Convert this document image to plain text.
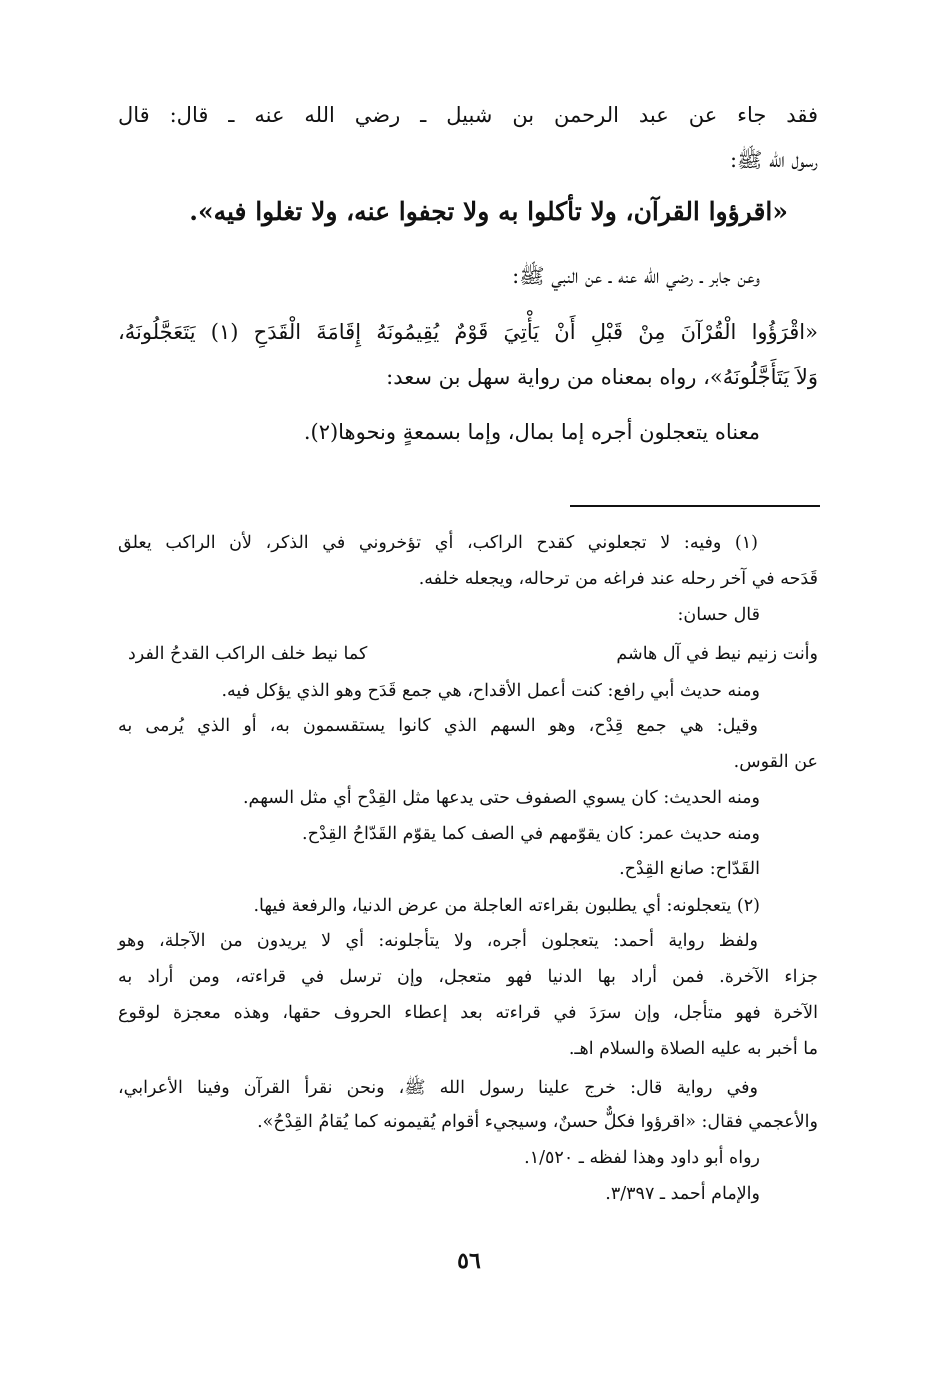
فقد جاء عن عبد الرحمن بن شبيل ـ رضي الله عنه ـ قال: قال
رسول الله ﷺ:
«اقرؤوا القرآن، ولا تأكلوا به ولا تجفوا عنه، ولا تغلوا فيه».
وعن جابر ـ رضي الله عنه ـ عن النبي ﷺ:
«اقْرَؤُوا الْقُرْآنَ مِنْ قَبْلِ أَنْ يَأْتِيَ قَوْمٌ يُقِيمُونَهُ إِقَامَةَ الْقَدَحِ (١) يَتَعَجَّلُونَهُ،
وَلاَ يَتَأَجَّلُونَهُ»، رواه بمعناه من رواية سهل بن سعد:
معناه يتعجلون أجره إما بمال، وإما بسمعةٍ ونحوها(٢).
(١) وفيه: لا تجعلوني كقدح الراكب، أي تؤخروني في الذكر، لأن الراكب يعلق
قَدَحه في آخر رحله عند فراغه من ترحاله، ويجعله خلفه.
قال حسان:
وأنت زنيم نيط في آل هاشم
كما نيط خلف الراكب القدحُ الفرد
ومنه حديث أبي رافع: كنت أعمل الأقداح، هي جمع قَدَح وهو الذي يؤكل فيه.
وقيل: هي جمع قِدْح، وهو السهم الذي كانوا يستقسمون به، أو الذي يُرمى به
عن القوس.
ومنه الحديث: كان يسوي الصفوف حتى يدعها مثل القِدْح أي مثل السهم.
ومنه حديث عمر: كان يقوّمهم في الصف كما يقوّم القَدّاحُ القِدْح.
القَدّاح: صانع القِدْح.
(٢) يتعجلونه: أي يطلبون بقراءته العاجلة من عرض الدنيا، والرفعة فيها.
ولفظ رواية أحمد: يتعجلون أجره، ولا يتأجلونه: أي لا يريدون من الآجلة، وهو
جزاء الآخرة. فمن أراد بها الدنيا فهو متعجل، وإن ترسل في قراءته، ومن أراد به
الآخرة فهو متأجل، وإن سرَدَ في قراءته بعد إعطاء الحروف حقها، وهذه معجزة لوقوع
ما أخبر به عليه الصلاة والسلام اهـ.
وفي رواية قال: خرج علينا رسول الله ﷺ، ونحن نقرأ القرآن وفينا الأعرابي،
والأعجمي فقال: «اقرؤوا فكلٌّ حسنٌ، وسيجيء أقوام يُقيمونه كما يُقامُ القِدْحُ».
رواه أبو داود وهذا لفظه ـ ١/٥٢٠.
والإمام أحمد ـ ٣/٣٩٧.
٥٦
